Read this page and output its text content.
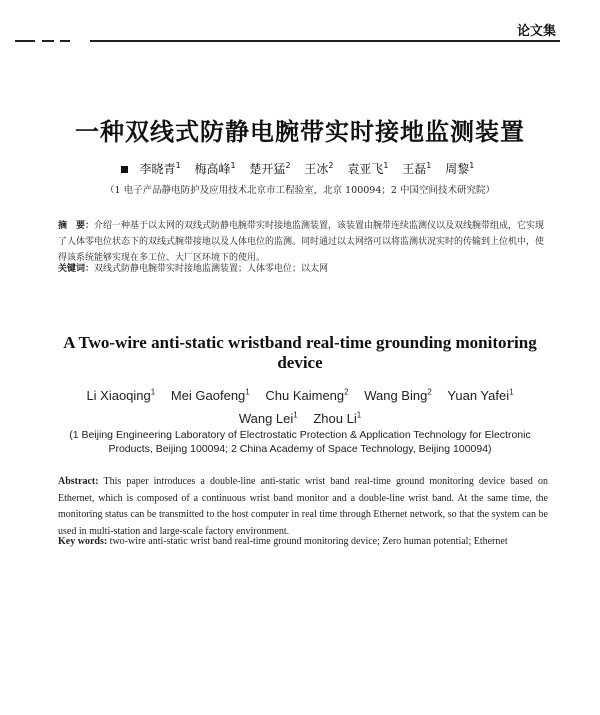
论文集
一种双线式防静电腕带实时接地监测装置
李晓青$^1$ 梅高峰$^1$ 楚开猛$^2$ 王冰$^2$ 袁亚飞$^1$ 王磊$^1$ 周黎$^1$
（1 电子产品静电防护及应用技术北京市工程验室，北京 100094；2 中国空间技术研究院）
摘　要：介绍一种基于以太网的双线式防静电腕带实时接地监测装置，该装置由腕带连续监测仪以及双线腕带组成，它实现了人体零电位状态下的双线式腕带接地以及人体电位的监测。同时通过以太网络可以将监测状况实时的传输到上位机中，使得该系统能够实现在多工位、大厂区环境下的使用。
关键词：双线式防静电腕带实时接地监测装置；人体零电位；以太网
A Two-wire anti-static wristband real-time grounding monitoring device
Li Xiaoqing$^1$ Mei Gaofeng$^1$ Chu Kaimeng$^2$ Wang Bing$^2$ Yuan Yafei$^1$ Wang Lei$^1$ Zhou Li$^1$
(1 Beijing Engineering Laboratory of Electrostatic Protection & Application Technology for Electronic Products, Beijing 100094; 2 China Academy of Space Technology, Beijing 100094)
Abstract: This paper introduces a double-line anti-static wrist band real-time ground monitoring device based on Ethernet, which is composed of a continuous wrist band monitor and a double-line wrist band. At the same time, the monitoring status can be transmitted to the host computer in real time through Ethernet network, so that the system can be used in multi-station and large-scale factory environment.
Key words: two-wire anti-static wrist band real-time ground monitoring device; Zero human potential; Ethernet
